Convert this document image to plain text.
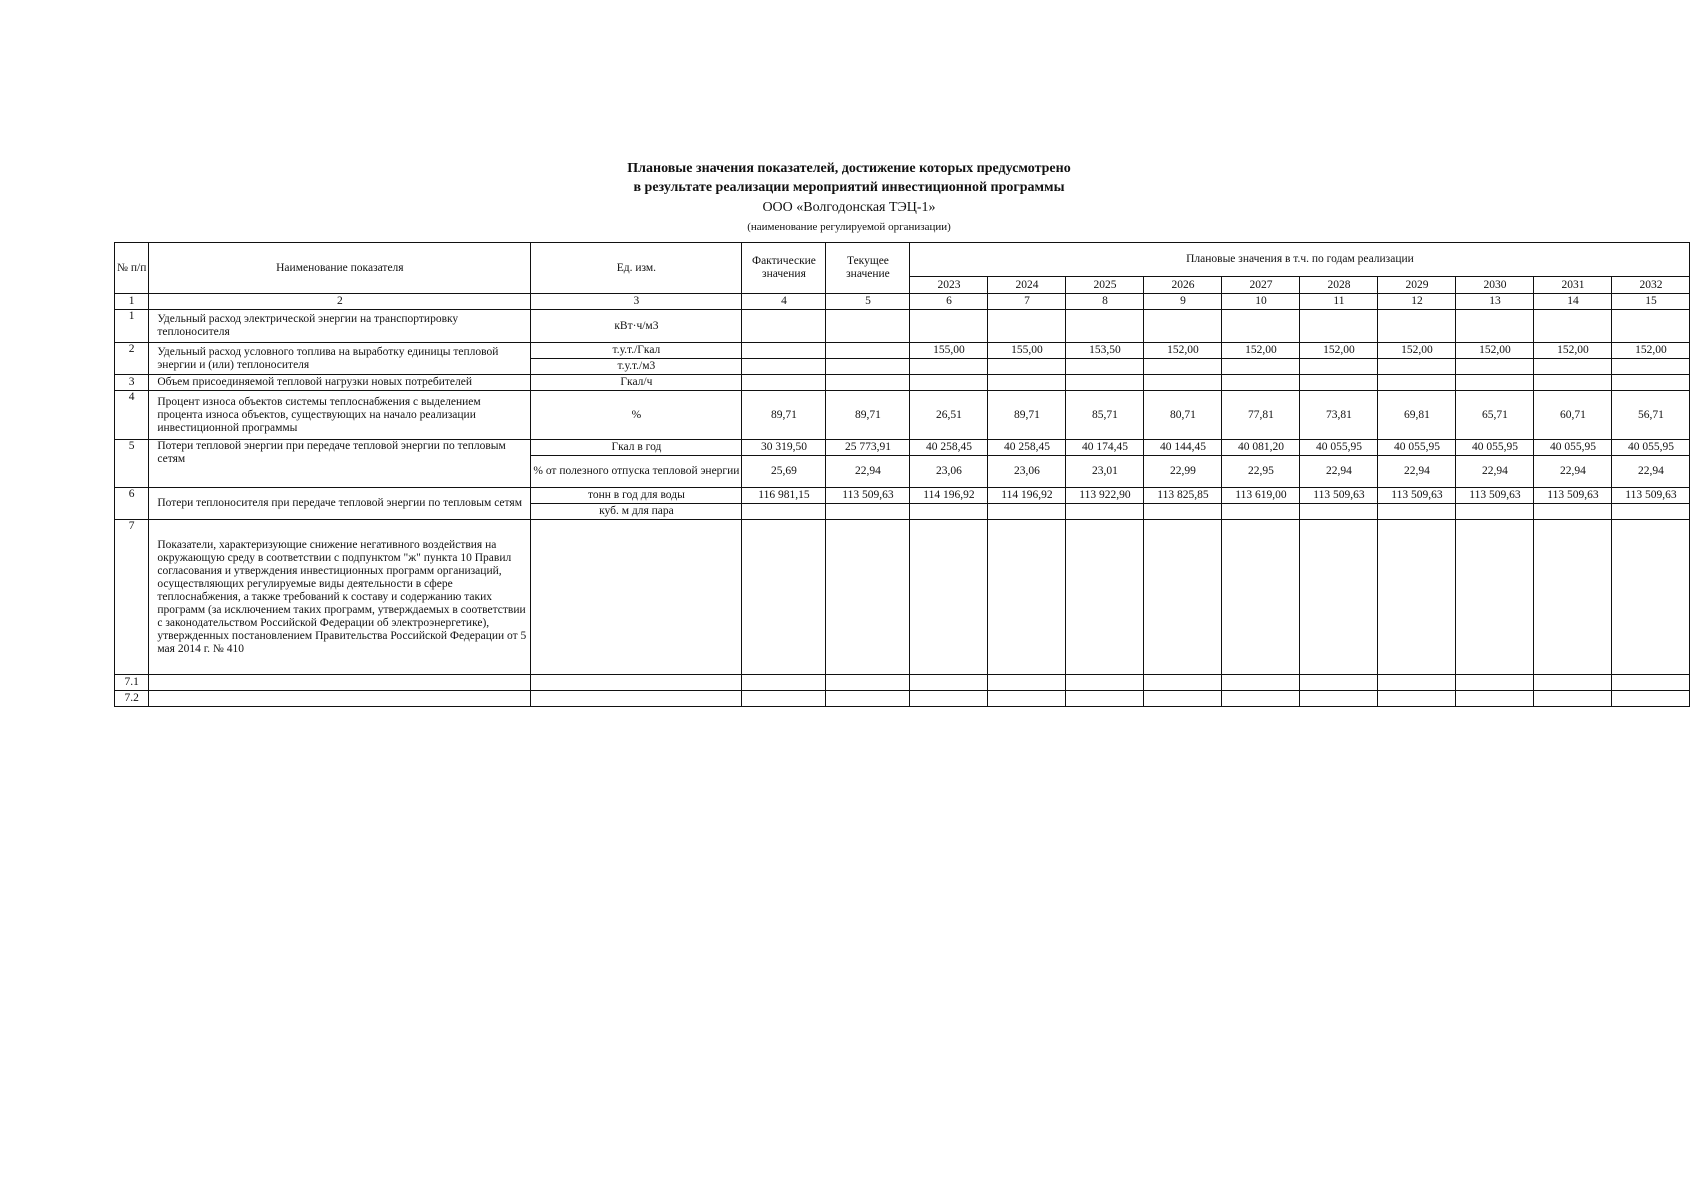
Плановые значения показателей, достижение которых предусмотрено
в результате реализации мероприятий инвестиционной программы
ООО «Волгодонская ТЭЦ-1»
(наименование регулируемой организации)
№ п/п	Наименование показателя	Ед. изм.	Фактические значения	Текущее значение	Плановые значения в т.ч. по годам реализации									
					2023	2024	2025	2026	2027	2028	2029	2030	2031	2032
1	2	3	4	5	6	7	8	9	10	11	12	13	14	15
1	Удельный расход электрической энергии на транспортировку теплоносителя	кВт·ч/м3												
2	Удельный расход условного топлива на выработку единицы тепловой энергии и (или) теплоносителя	т.у.т./Гкал			155,00	155,00	153,50	152,00	152,00	152,00	152,00	152,00	152,00	152,00
		т.у.т./м3												
3	Объем присоединяемой тепловой нагрузки новых потребителей	Гкал/ч												
4	Процент износа объектов системы теплоснабжения с выделением процента износа объектов, существующих на начало реализации инвестиционной программы	%	89,71	89,71	26,51	89,71	85,71	80,71	77,81	73,81	69,81	65,71	60,71	56,71
5	Потери тепловой энергии при передаче тепловой энергии по тепловым сетям	Гкал в год	30 319,50	25 773,91	40 258,45	40 258,45	40 174,45	40 144,45	40 081,20	40 055,95	40 055,95	40 055,95	40 055,95	40 055,95
		% от полезного отпуска тепловой энергии	25,69	22,94	23,06	23,06	23,01	22,99	22,95	22,94	22,94	22,94	22,94	22,94
6	Потери теплоносителя при передаче тепловой энергии по тепловым сетям	тонн в год для воды	116 981,15	113 509,63	114 196,92	114 196,92	113 922,90	113 825,85	113 619,00	113 509,63	113 509,63	113 509,63	113 509,63	113 509,63
		куб. м для пара												
7	Показатели, характеризующие снижение негативного воздействия на окружающую среду в соответствии с подпунктом "ж" пункта 10 Правил согласования и утверждения инвестиционных программ организаций, осуществляющих регулируемые виды деятельности в сфере теплоснабжения, а также требований к составу и содержанию таких программ (за исключением таких программ, утверждаемых в соответствии с законодательством Российской Федерации об электроэнергетике), утвержденных постановлением Правительства Российской Федерации от 5 мая 2014 г. № 410													
7.1														
7.2														
